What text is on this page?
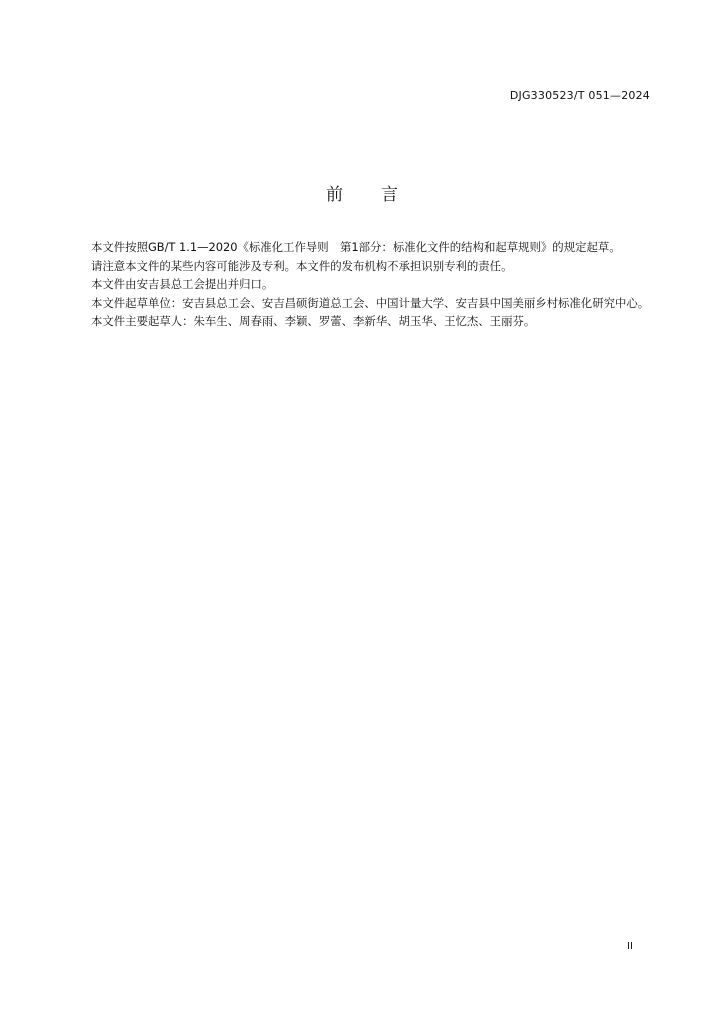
DJG330523/T 051—2024
前 言

本文件按照GB/T 1.1—2020《标准化工作导则　第1部分：标准化文件的结构和起草规则》的规定起草。

请注意本文件的某些内容可能涉及专利。本文件的发布机构不承担识别专利的责任。

本文件由安吉县总工会提出并归口。

本文件起草单位：安吉县总工会、安吉昌硕街道总工会、中国计量大学、安吉县中国美丽乡村标准化研究中心。

本文件主要起草人：朱车生、周春雨、李颖、罗蕾、李新华、胡玉华、王忆杰、王丽芬。

II
